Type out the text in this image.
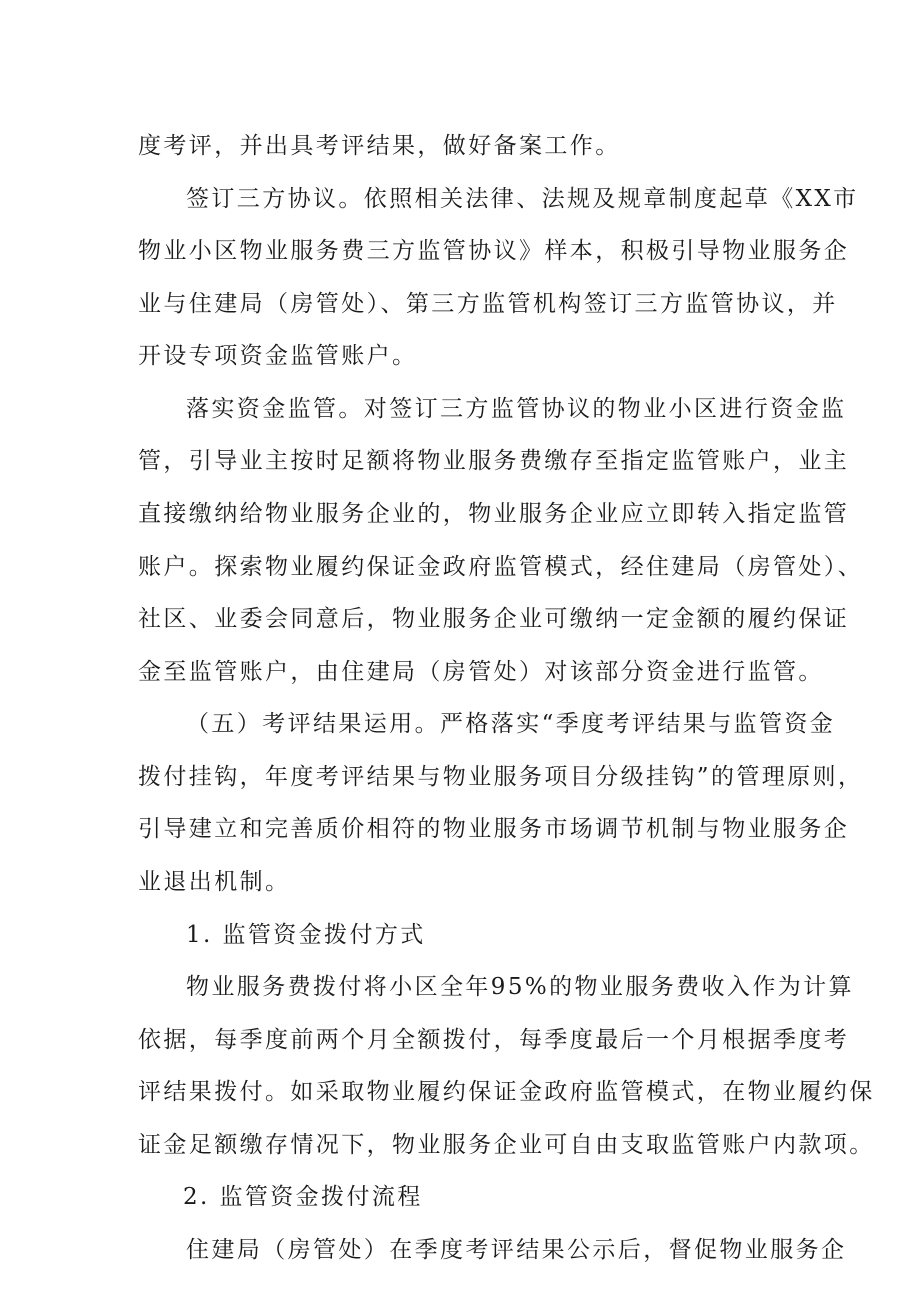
度考评，并出具考评结果，做好备案工作。
签订三方协议。依照相关法律、法规及规章制度起草《XX市
物业小区物业服务费三方监管协议》样本，积极引导物业服务企
业与住建局（房管处）、第三方监管机构签订三方监管协议，并
开设专项资金监管账户。
落实资金监管。对签订三方监管协议的物业小区进行资金监
管，引导业主按时足额将物业服务费缴存至指定监管账户，业主
直接缴纳给物业服务企业的，物业服务企业应立即转入指定监管
账户。探索物业履约保证金政府监管模式，经住建局（房管处）、
社区、业委会同意后，物业服务企业可缴纳一定金额的履约保证
金至监管账户，由住建局（房管处）对该部分资金进行监管。
（五）考评结果运用。严格落实“季度考评结果与监管资金
拨付挂钩，年度考评结果与物业服务项目分级挂钩”的管理原则，
引导建立和完善质价相符的物业服务市场调节机制与物业服务企
业退出机制。
1. 监管资金拨付方式
物业服务费拨付将小区全年95%的物业服务费收入作为计算
依据，每季度前两个月全额拨付，每季度最后一个月根据季度考
评结果拨付。如采取物业履约保证金政府监管模式，在物业履约保
证金足额缴存情况下，物业服务企业可自由支取监管账户内款项。
2. 监管资金拨付流程
住建局（房管处）在季度考评结果公示后，督促物业服务企
